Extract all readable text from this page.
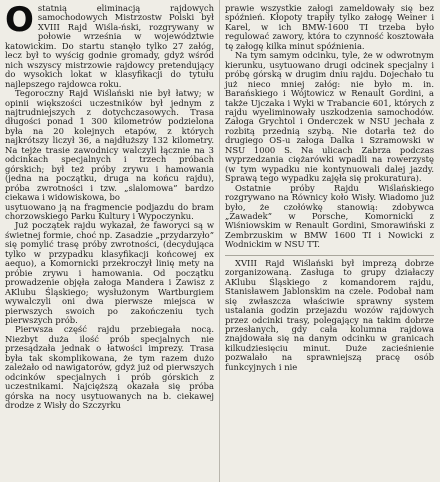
Ostatnią eliminacją rajdowych samochodowych Mistrzostw Polski był XVIII Rajd Wiśla-ński, rozgrywany w połowie września w województwie katowickim. Do startu stanęło tylko 27 załóg, lecz był to wyścig godnie gromady, gdyż wśród nich wszyscy mistrzowie rajdowcy pretendujący do wysokich lokat w klasyfikacji do tytułu najlepszego rajdowca roku.

Tegoroczny Rajd Wiślański nie był łatwy; w opinii większości uczestników był jednym z najtrudniejszych z dotychczasowych. Trasa długości ponad 1 300 kilometrów podzielona była na 20 kolejnych etapów, z których najkrótszy liczył 36, a najdłuższy 132 kilometry. Na tejże trasie zawodnicy walczyli łącznie na 3 odcinkach specjalnych i trzech próbach górskich; był też próby zrywu i hamowania (jedna na początku, druga na końcu rajdu), próba zwrotności i tzw. „slalomowa” bardzo ciekawa i widowiskowa, bo

usytuowano ją na fragmencie podjazdu do bram chorzowskiego Parku Kultury i Wypoczynku.

Już początek rajdu wykazał, że faworyci są w świetnej formie, choć np. Zasadzie „przydarzyło” się pomylić trasę próby zwrotności, (decydująca tylko w przypadku klasyfikacji końcowej ex aequo), a Komornicki przekroczył linię mety na próbie zrywu i hamowania. Od początku prowadzenie objęła załoga Mandera i Zawisz z AKlubu Śląskiego; wysłużonym Wartburgiem wywalczyli oni dwa pierwsze miejsca w pierwszych swoich po zakończeniu tych pierwszych prób.

Pierwsza część rajdu przebiegała nocą. Niezbyt duża ilość prób specjalnych nie przesądzała jednak o łatwości imprezy. Trasa była tak skomplikowana, że tym razem dużo zależało od nawigatorów, gdyż już od pierwszych odcinków specjalnych i prób górskich z uczestnikami. Najcięższą okazała się próba górska na nocy usytuowanych na b. ciekawej drodze z Wisły do Szczyrku

prawie wszystkie załogi zameldowały się bez spóźnień. Kłopoty trapiły tylko załogę Weiner i Karel, w ich BMW-1600 TI trzeba było regulować zawory, która to czynność kosztowała tę załogę kilka minut spóźnienia.

Na tym samym odcinku, tyle, że w odwrotnym kierunku, usytuowano drugi odcinek specjalny i próbę górską w drugim dniu rajdu. Dojechało tu już nieco mniej załóg: nie było m. in. Barańskiego i Wójtowicz w Renault Gordini, a także Ujczaka i Wyki w Trabancie 601, których z rajdu wyeliminowały uszkodzenia samochodów. Załoga Grychtol i Onderczek w NSU jechała z rozbitą przednią szybą. Nie dotarła też do drugiego OS-u załoga Dalka i Szramowski w NSU 1000 S. Na ulicach Zabrza podczas wyprzedzania ciężarówki wpadli na rowerzystę (w tym wypadku nie kontynuowali dalej jazdy. Sprawą tego wypadku zajęła się prokuratura).

Ostatnie próby Rajdu Wiślańskiego rozgrywano na Równicy koło Wisły. Wiadomo już było, że czołówkę stanowią: zdobywca „Zawadek” w Porsche, Komornicki z Wiśniowskim w Renault Gordini, Smorawiński z Zembrzuskim w BMW 1600 TI i Nowicki z Wodnickim w NSU TT.

XVIII Rajd Wiślański był imprezą dobrze zorganizowaną. Zasługa to grupy działaczy AKlubu Śląskiego z komandorem rajdu, Stanisławem Jablonskim na czele. Podobał nam się zwłaszcza właściwie sprawny system ustalania godzin przejazdu wozów rajdowych przez odcinki trasy, polegający na takim dobrze przesłanych, gdy cała kolumna rajdowa znajdowała się na danym odcinku w granicach kilkudziesięciu minut. Duże zacieśnienie pozwalało na sprawniejszą pracę osób funkcyjnych i nie
